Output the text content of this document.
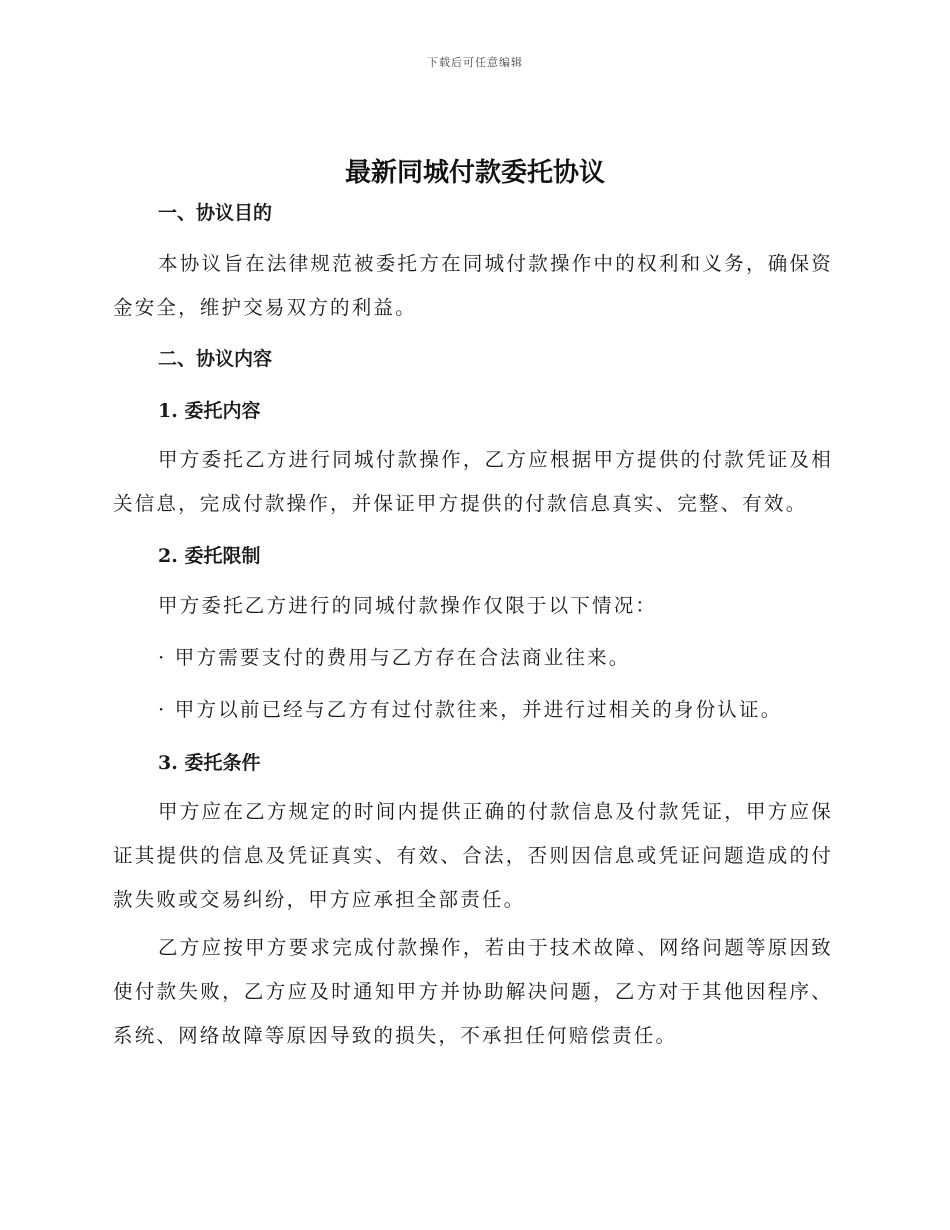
下载后可任意编辑
最新同城付款委托协议
一、协议目的
本协议旨在法律规范被委托方在同城付款操作中的权利和义务，确保资金安全，维护交易双方的利益。
二、协议内容
1. 委托内容
甲方委托乙方进行同城付款操作，乙方应根据甲方提供的付款凭证及相关信息，完成付款操作，并保证甲方提供的付款信息真实、完整、有效。
2. 委托限制
甲方委托乙方进行的同城付款操作仅限于以下情况：
· 甲方需要支付的费用与乙方存在合法商业往来。
· 甲方以前已经与乙方有过付款往来，并进行过相关的身份认证。
3. 委托条件
甲方应在乙方规定的时间内提供正确的付款信息及付款凭证，甲方应保证其提供的信息及凭证真实、有效、合法，否则因信息或凭证问题造成的付款失败或交易纠纷，甲方应承担全部责任。
乙方应按甲方要求完成付款操作，若由于技术故障、网络问题等原因致使付款失败，乙方应及时通知甲方并协助解决问题，乙方对于其他因程序、系统、网络故障等原因导致的损失，不承担任何赔偿责任。
